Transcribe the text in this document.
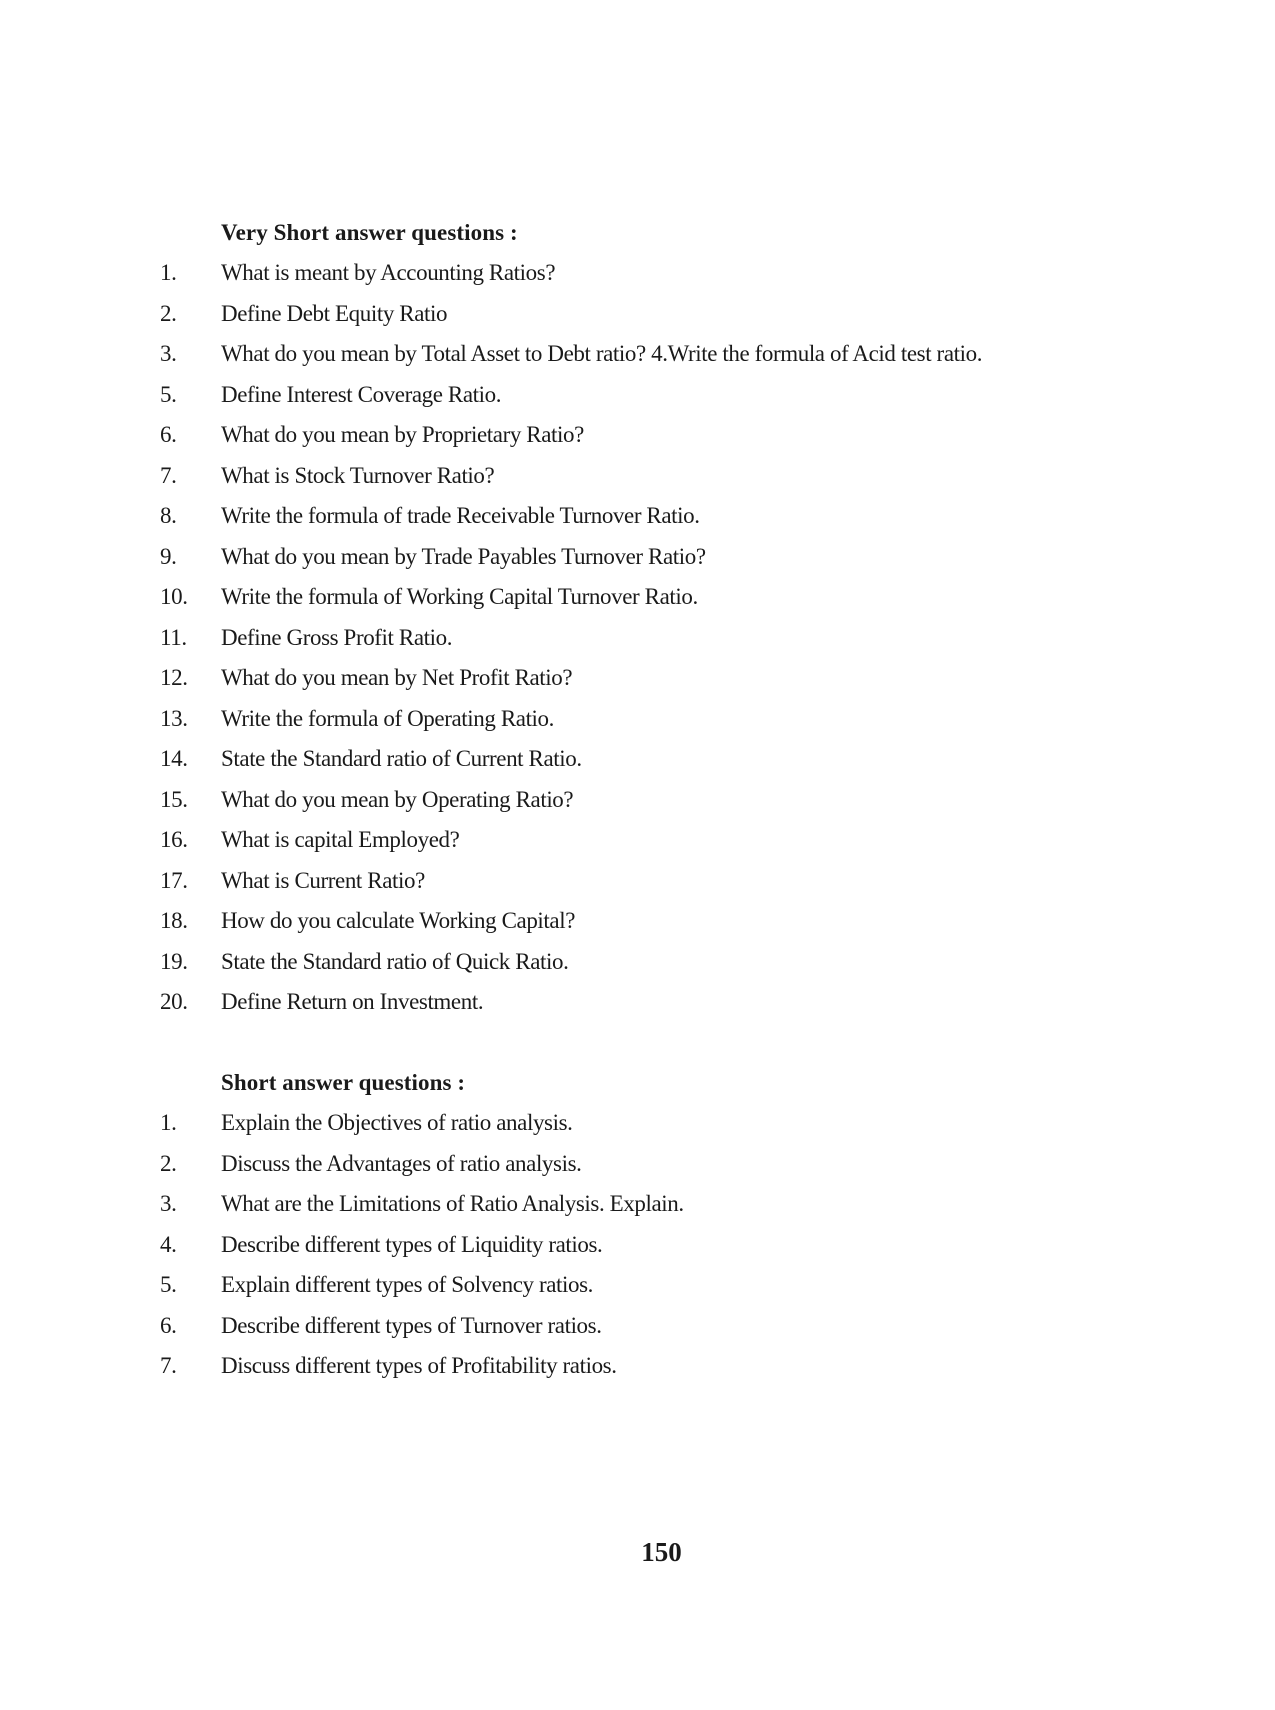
Very Short answer questions :
1. What is meant by Accounting Ratios?
2. Define Debt Equity Ratio
3. What do you mean by Total Asset to Debt ratio? 4.Write the formula of Acid test ratio.
5. Define Interest Coverage Ratio.
6. What do you mean by Proprietary Ratio?
7. What is Stock Turnover Ratio?
8. Write the formula of trade Receivable Turnover Ratio.
9. What do you mean by Trade Payables Turnover Ratio?
10. Write the formula of Working Capital Turnover Ratio.
11. Define Gross Profit Ratio.
12. What do you mean by Net Profit Ratio?
13. Write the formula of Operating Ratio.
14. State the Standard ratio of Current Ratio.
15. What do you mean by Operating Ratio?
16. What is capital Employed?
17. What is Current Ratio?
18. How do you calculate Working Capital?
19. State the Standard ratio of Quick Ratio.
20. Define Return on Investment.
Short answer questions :
1. Explain the Objectives of ratio analysis.
2. Discuss the Advantages of ratio analysis.
3. What are the Limitations of Ratio Analysis. Explain.
4. Describe different types of Liquidity ratios.
5. Explain different types of Solvency ratios.
6. Describe different types of Turnover ratios.
7. Discuss different types of Profitability ratios.
150
